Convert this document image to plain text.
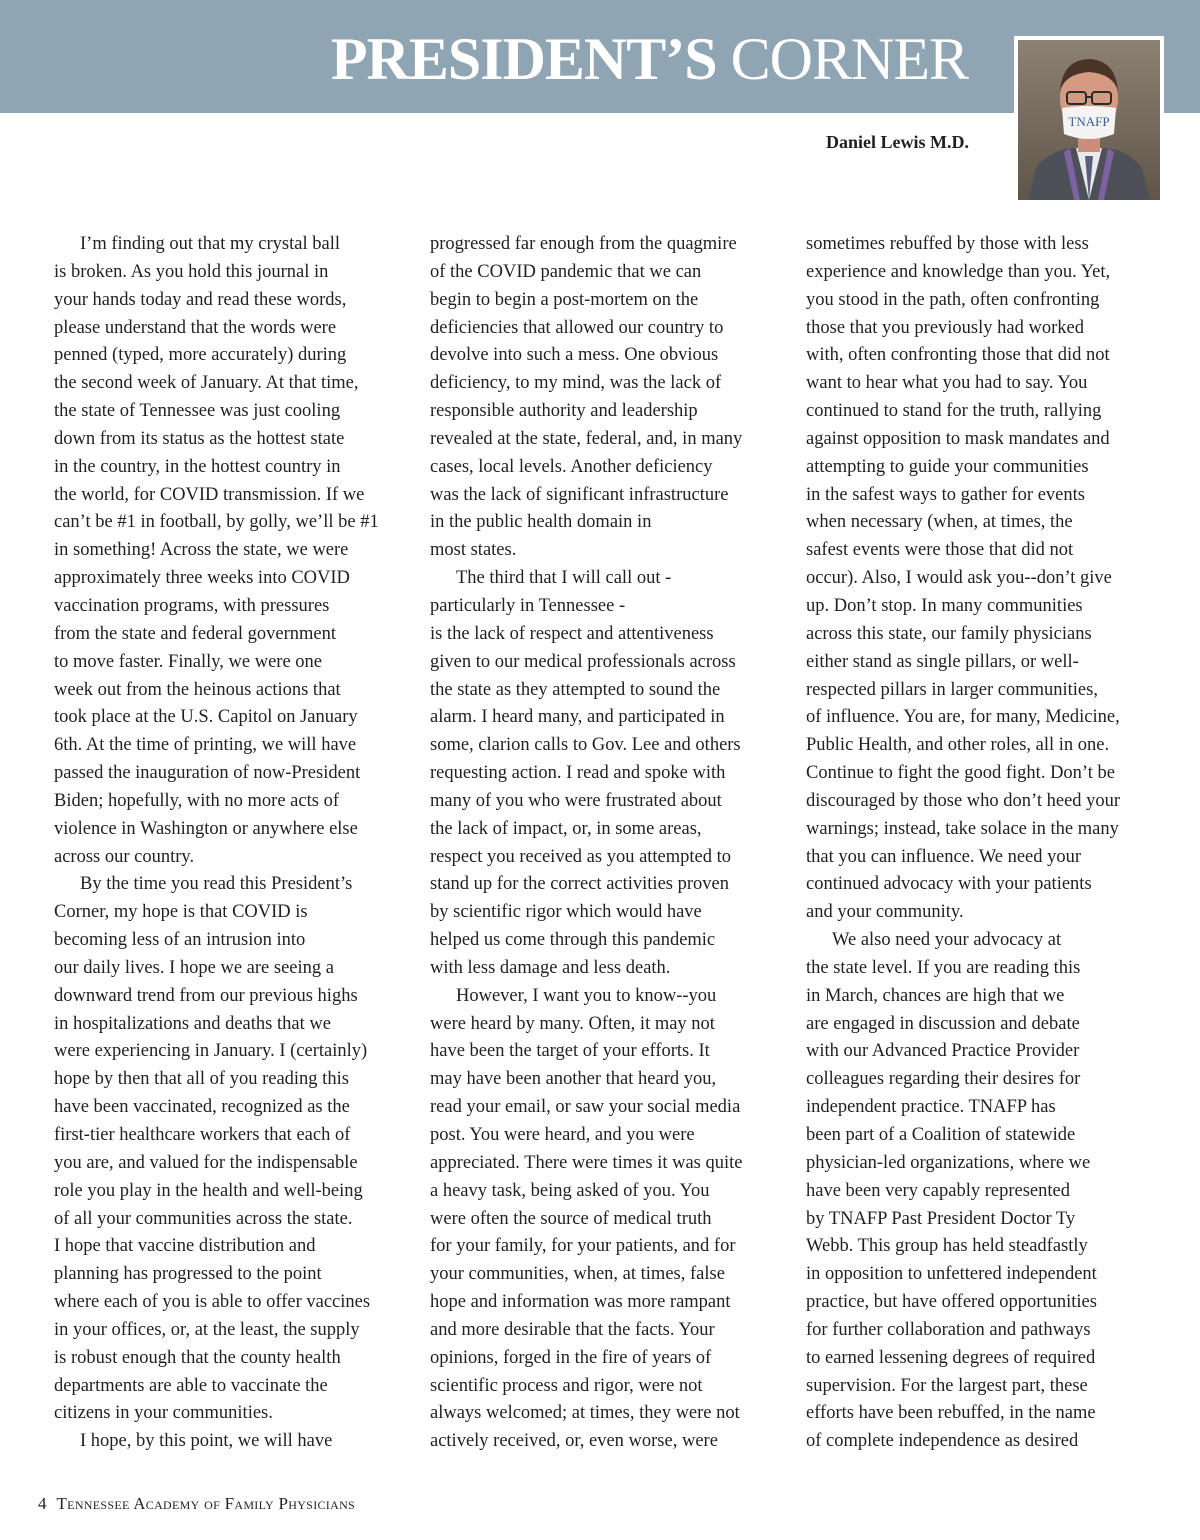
PRESIDENT’S CORNER
TNAFP

Daniel Lewis M.D.

I’m finding out that my crystal ball
is broken. As you hold this journal in
your hands today and read these words,
please understand that the words were
penned (typed, more accurately) during
the second week of January. At that time,
the state of Tennessee was just cooling
down from its status as the hottest state
in the country, in the hottest country in
the world, for COVID transmission. If we
can’t be #1 in football, by golly, we’ll be #1
in something! Across the state, we were
approximately three weeks into COVID
vaccination programs, with pressures
from the state and federal government
to move faster. Finally, we were one
week out from the heinous actions that
took place at the U.S. Capitol on January
6th. At the time of printing, we will have
passed the inauguration of now-President
Biden; hopefully, with no more acts of
violence in Washington or anywhere else
across our country.

By the time you read this President’s
Corner, my hope is that COVID is
becoming less of an intrusion into
our daily lives. I hope we are seeing a
downward trend from our previous highs
in hospitalizations and deaths that we
were experiencing in January. I (certainly)
hope by then that all of you reading this
have been vaccinated, recognized as the
first-tier healthcare workers that each of
you are, and valued for the indispensable
role you play in the health and well-being
of all your communities across the state.
I hope that vaccine distribution and
planning has progressed to the point
where each of you is able to offer vaccines
in your offices, or, at the least, the supply
is robust enough that the county health
departments are able to vaccinate the
citizens in your communities.

I hope, by this point, we will have

progressed far enough from the quagmire
of the COVID pandemic that we can
begin to begin a post-mortem on the
deficiencies that allowed our country to
devolve into such a mess. One obvious
deficiency, to my mind, was the lack of
responsible authority and leadership
revealed at the state, federal, and, in many
cases, local levels. Another deficiency
was the lack of significant infrastructure
in the public health domain in
most states.

The third that I will call out -
particularly in Tennessee -
is the lack of respect and attentiveness
given to our medical professionals across
the state as they attempted to sound the
alarm. I heard many, and participated in
some, clarion calls to Gov. Lee and others
requesting action. I read and spoke with
many of you who were frustrated about
the lack of impact, or, in some areas,
respect you received as you attempted to
stand up for the correct activities proven
by scientific rigor which would have
helped us come through this pandemic
with less damage and less death.

However, I want you to know--you
were heard by many. Often, it may not
have been the target of your efforts. It
may have been another that heard you,
read your email, or saw your social media
post. You were heard, and you were
appreciated. There were times it was quite
a heavy task, being asked of you. You
were often the source of medical truth
for your family, for your patients, and for
your communities, when, at times, false
hope and information was more rampant
and more desirable that the facts. Your
opinions, forged in the fire of years of
scientific process and rigor, were not
always welcomed; at times, they were not
actively received, or, even worse, were

sometimes rebuffed by those with less
experience and knowledge than you. Yet,
you stood in the path, often confronting
those that you previously had worked
with, often confronting those that did not
want to hear what you had to say. You
continued to stand for the truth, rallying
against opposition to mask mandates and
attempting to guide your communities
in the safest ways to gather for events
when necessary (when, at times, the
safest events were those that did not
occur). Also, I would ask you--don’t give
up. Don’t stop. In many communities
across this state, our family physicians
either stand as single pillars, or well-
respected pillars in larger communities,
of influence. You are, for many, Medicine,
Public Health, and other roles, all in one.
Continue to fight the good fight. Don’t be
discouraged by those who don’t heed your
warnings; instead, take solace in the many
that you can influence. We need your
continued advocacy with your patients
and your community.

We also need your advocacy at
the state level. If you are reading this
in March, chances are high that we
are engaged in discussion and debate
with our Advanced Practice Provider
colleagues regarding their desires for
independent practice. TNAFP has
been part of a Coalition of statewide
physician-led organizations, where we
have been very capably represented
by TNAFP Past President Doctor Ty
Webb. This group has held steadfastly
in opposition to unfettered independent
practice, but have offered opportunities
for further collaboration and pathways
to earned lessening degrees of required
supervision. For the largest part, these
efforts have been rebuffed, in the name
of complete independence as desired

4 Tennessee Academy of Family Physicians
